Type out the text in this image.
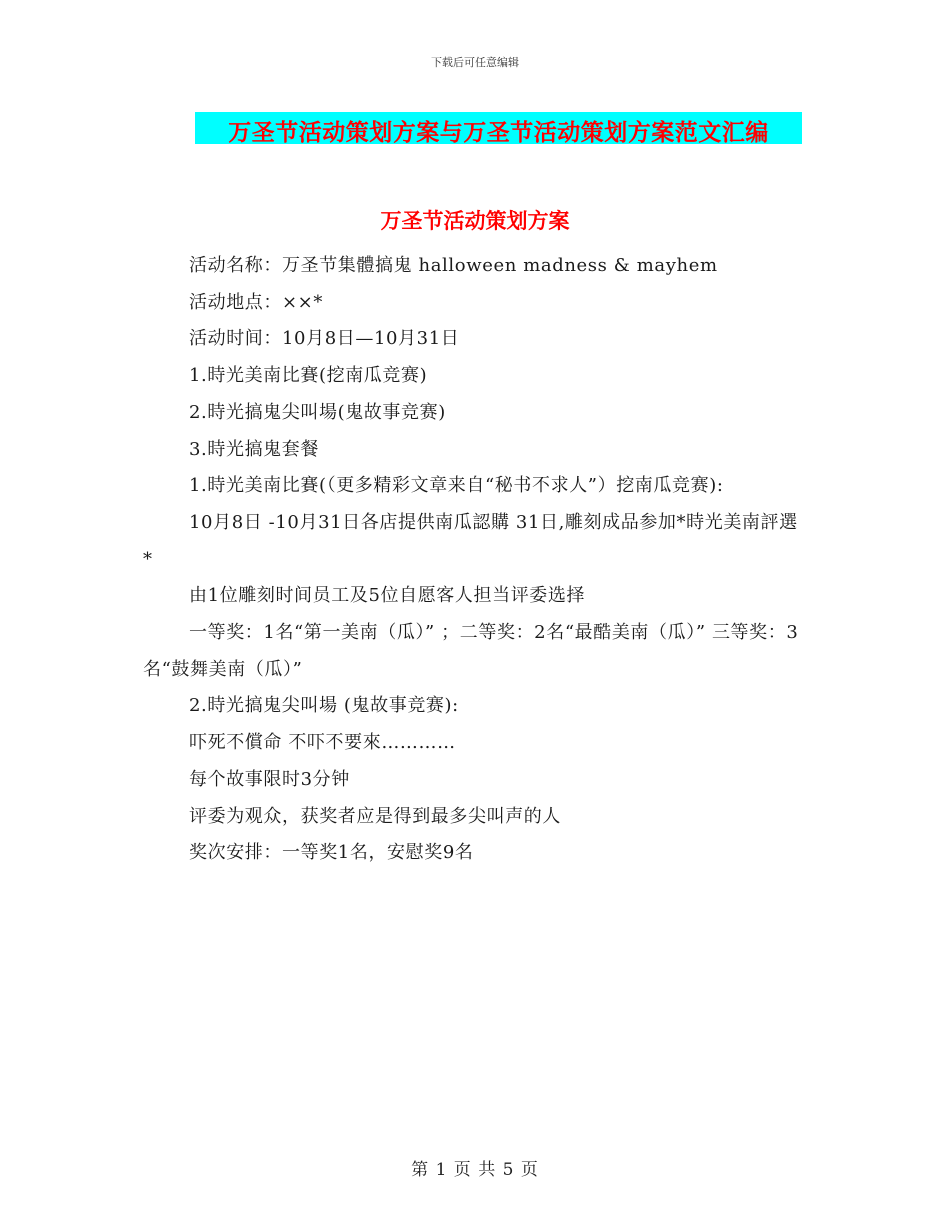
下载后可任意编辑
万圣节活动策划方案与万圣节活动策划方案范文汇编
万圣节活动策划方案

活动名称：万圣节集體搞鬼 halloween madness & mayhem

活动地点：××*

活动时间：10月8日—10月31日

1.時光美南比賽(挖南瓜竞赛)

2.時光搞鬼尖叫場(鬼故事竞赛)

3.時光搞鬼套餐

1.時光美南比賽(（更多精彩文章来自“秘书不求人”）挖南瓜竞赛):

10月8日 -10月31日各店提供南瓜認購 31日,雕刻成品参加*時光美南評選*

由1位雕刻时间员工及5位自愿客人担当评委选择

一等奖：1名“第一美南（瓜）” ；二等奖：2名“最酷美南（瓜）” 三等奖：3名“鼓舞美南（瓜）”

2.時光搞鬼尖叫場 (鬼故事竞赛):

吓死不償命 不吓不要來…………

每个故事限时3分钟

评委为观众，获奖者应是得到最多尖叫声的人

奖次安排：一等奖1名，安慰奖9名

第 1 页 共 5 页
